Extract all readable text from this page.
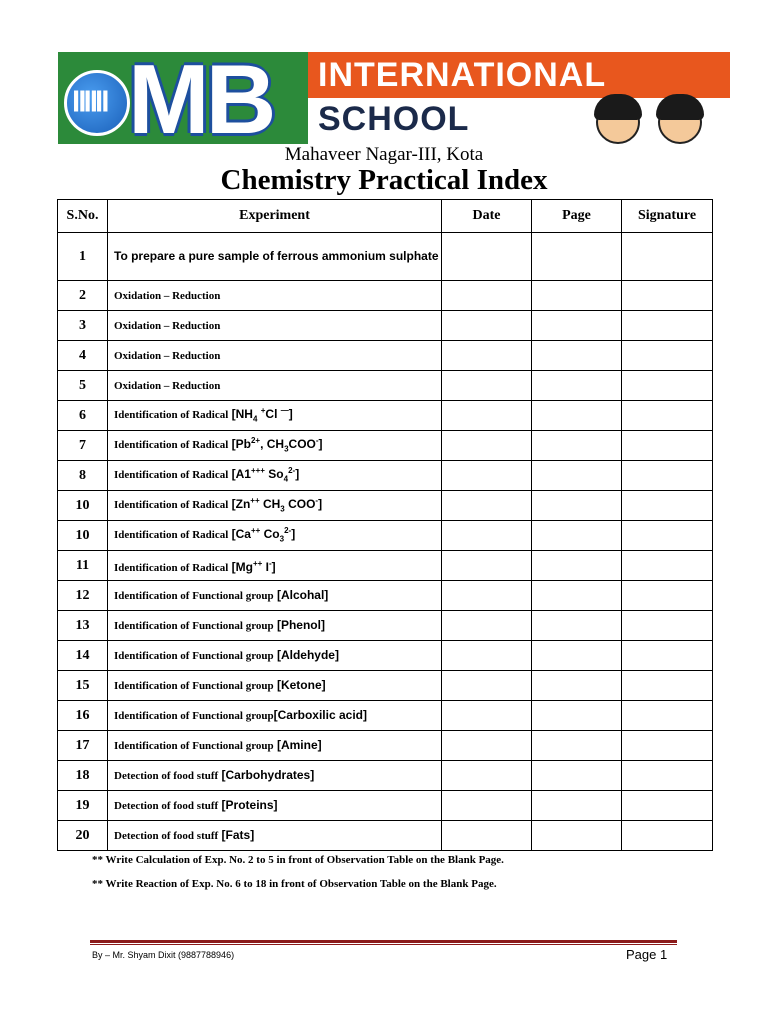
ǁǁǁ MB INTERNATIONAL
SCHOOL
Mahaveer Nagar-III, Kota
Chemistry Practical Index
S.No.	Experiment	Date	Page	Signature
1	To prepare a pure sample of ferrous ammonium sulphate			
2	Oxidation – Reduction			
3	Oxidation – Reduction			
4	Oxidation – Reduction			
5	Oxidation – Reduction			
6	Identification of Radical [$NH_4$ +Cl —]			
7	Identification of Radical [$Pb^{2+}$, $CH_3COO^-$]			
8	Identification of Radical [A1+++ $So_4^{2-}$]			
10	Identification of Radical [Zn++ $CH_3$ COO-]			
10	Identification of Radical [Ca++ $Co_3^{2-}$]			
11	Identification of Radical [Mg++ I-]			
12	Identification of Functional group [Alcohal]			
13	Identification of Functional group [Phenol]			
14	Identification of Functional group [Aldehyde]			
15	Identification of Functional group [Ketone]			
16	Identification of Functional group[Carboxilic acid]			
17	Identification of Functional group [Amine]			
18	Detection of food stuff [Carbohydrates]			
19	Detection of food stuff [Proteins]			
20	Detection of food stuff [Fats]			
** Write Calculation of Exp. No. 2 to 5 in front of Observation Table on the Blank Page.
** Write Reaction of Exp. No. 6 to 18 in front of Observation Table on the Blank Page.
By – Mr. Shyam Dixit (9887788946)	Page 1
